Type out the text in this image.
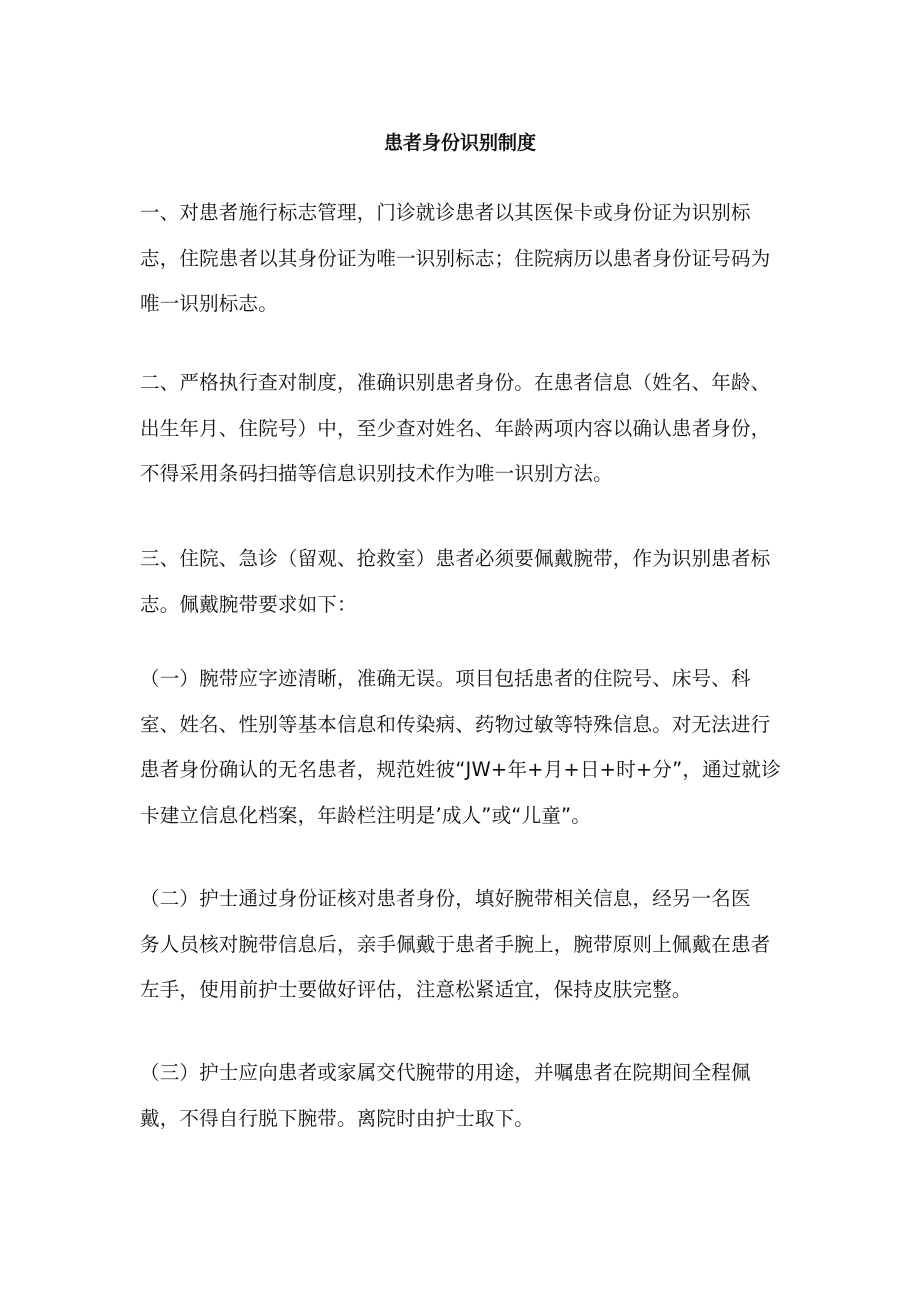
患者身份识别制度

一、对患者施行标志管理，门诊就诊患者以其医保卡或身份证为识别标
志，住院患者以其身份证为唯一识别标志；住院病历以患者身份证号码为
唯一识别标志。

二、严格执行查对制度，准确识别患者身份。在患者信息（姓名、年龄、
出生年月、住院号）中，至少查对姓名、年龄两项内容以确认患者身份，
不得采用条码扫描等信息识别技术作为唯一识别方法。

三、住院、急诊（留观、抢救室）患者必须要佩戴腕带，作为识别患者标
志。佩戴腕带要求如下：

（一）腕带应字迹清晰，准确无误。项目包括患者的住院号、床号、科
室、姓名、性别等基本信息和传染病、药物过敏等特殊信息。对无法进行
患者身份确认的无名患者，规范姓彼“JW+年+月+日+时+分”，通过就诊
卡建立信息化档案，年龄栏注明是’成人”或“儿童”。

（二）护士通过身份证核对患者身份，填好腕带相关信息，经另一名医
务人员核对腕带信息后，亲手佩戴于患者手腕上，腕带原则上佩戴在患者
左手，使用前护士要做好评估，注意松紧适宜，保持皮肤完整。

（三）护士应向患者或家属交代腕带的用途，并嘱患者在院期间全程佩
戴，不得自行脱下腕带。离院时由护士取下。
